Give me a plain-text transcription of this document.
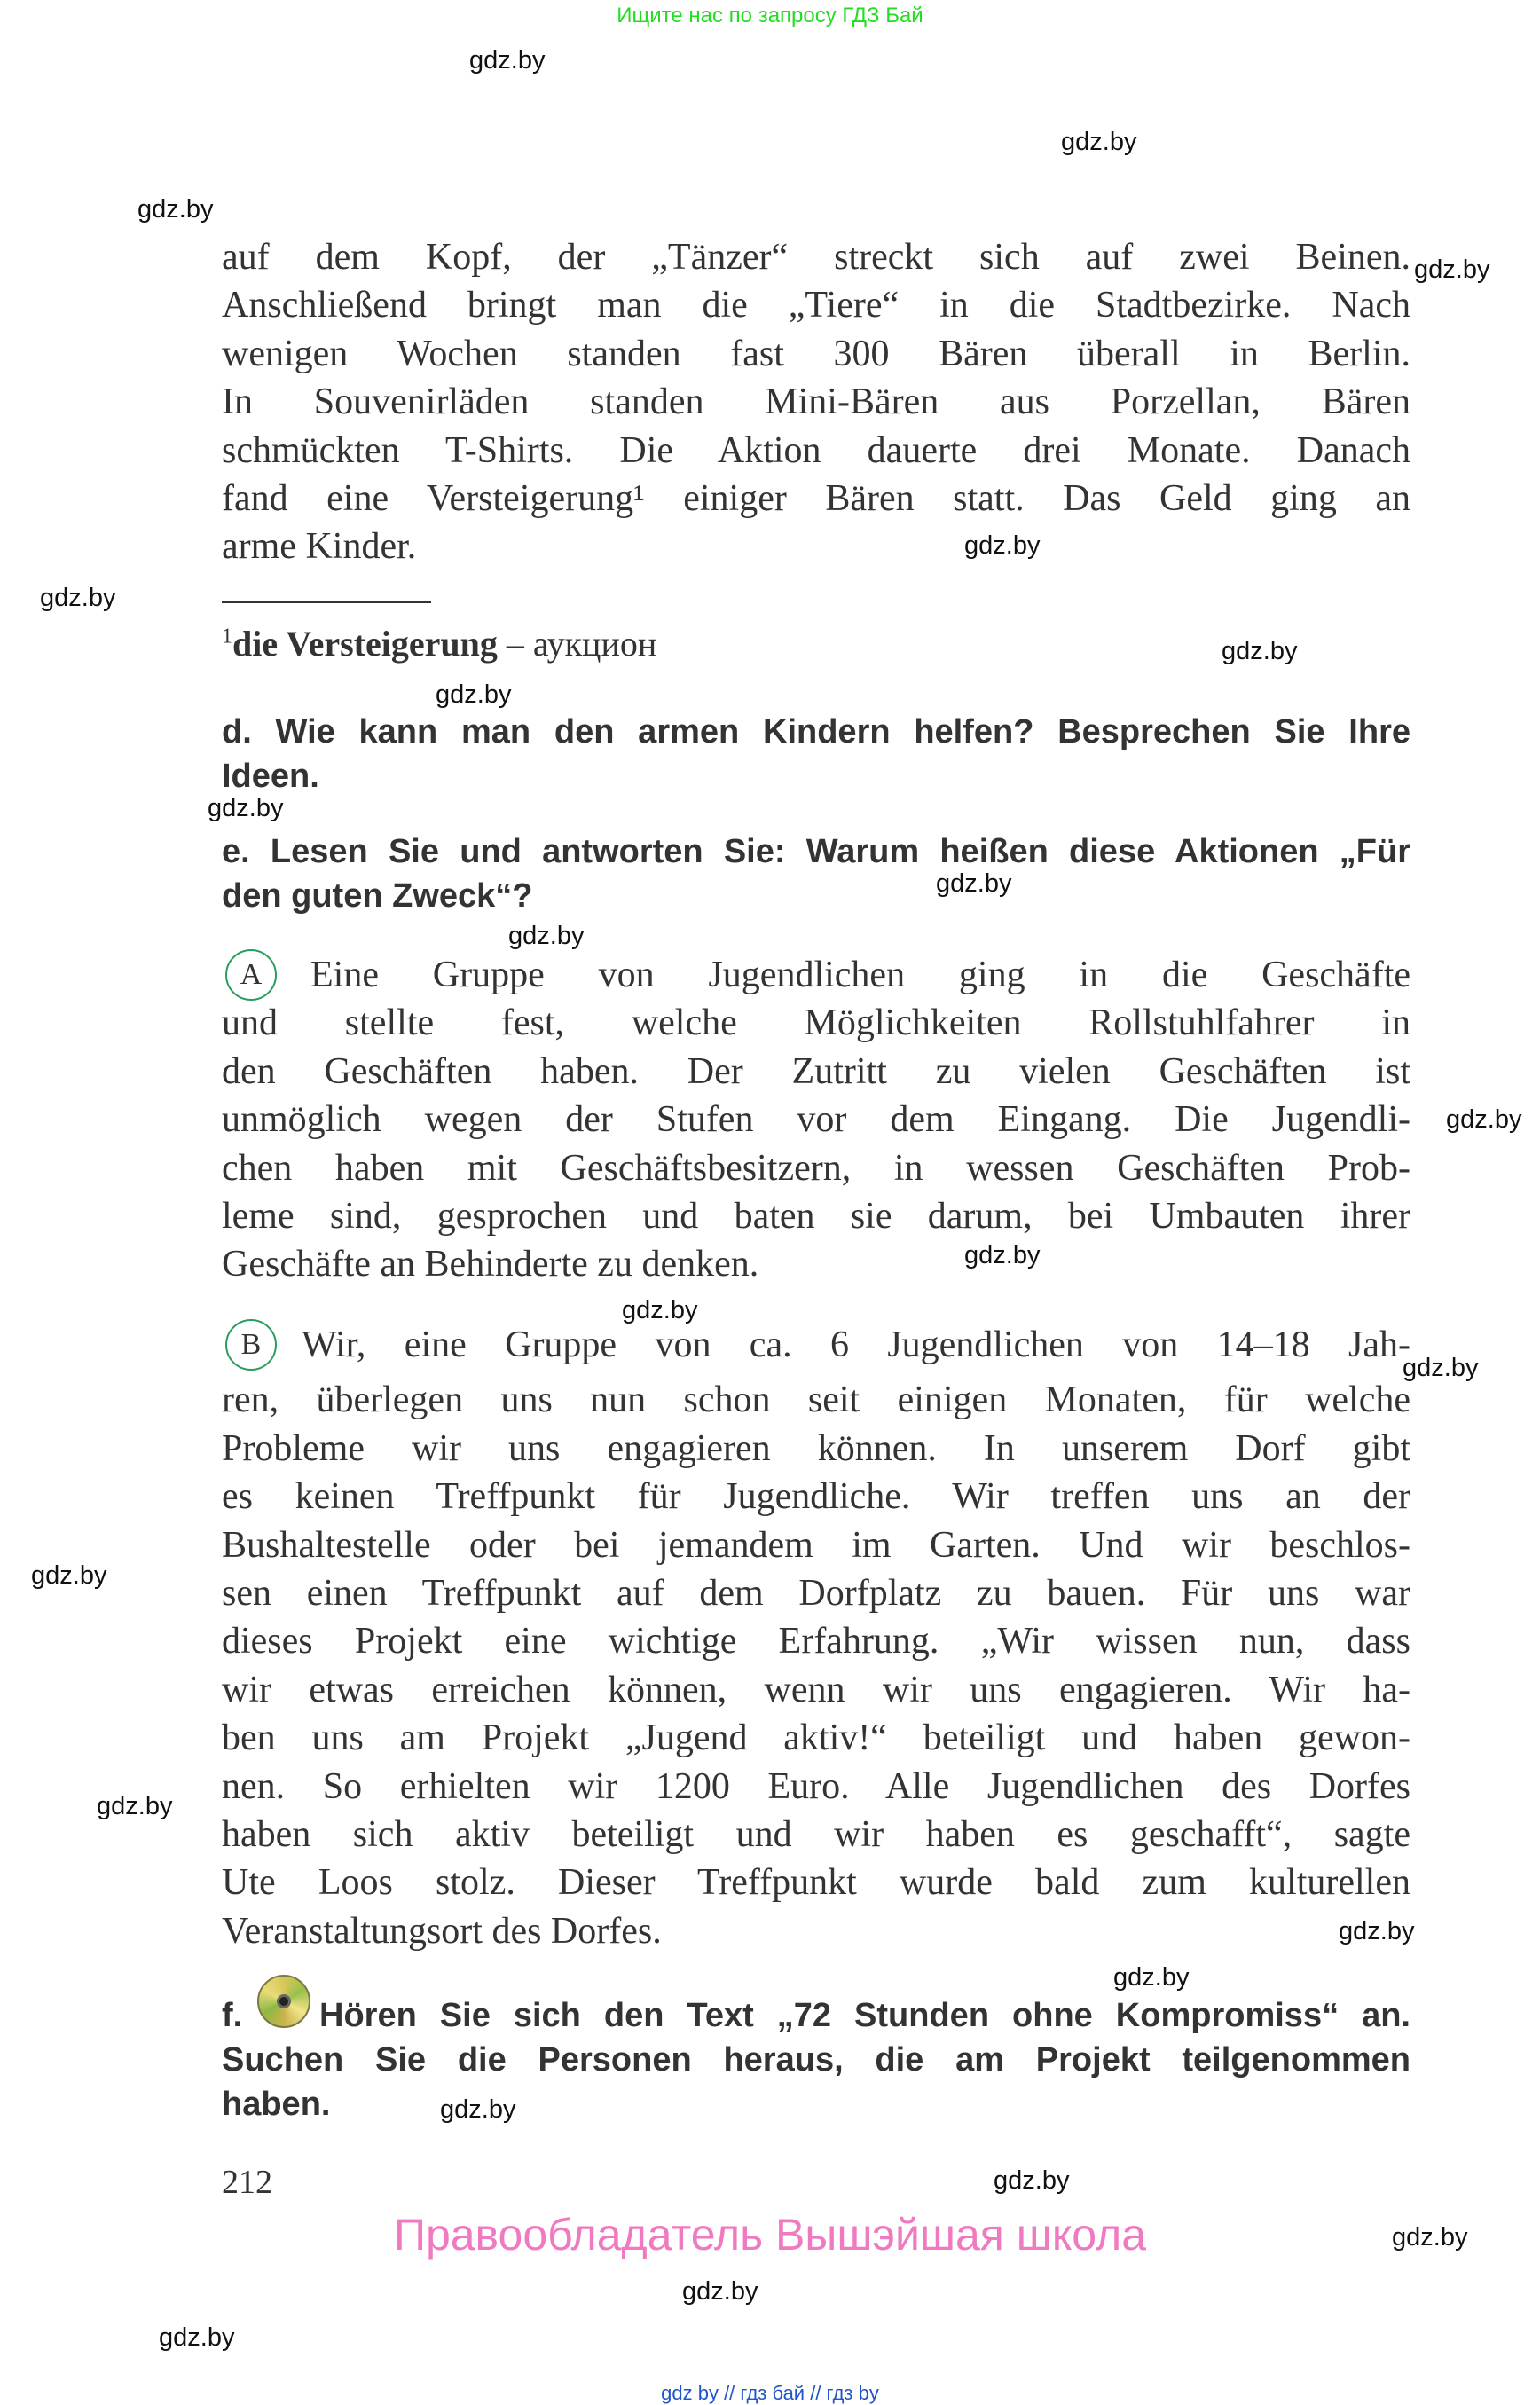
Ищите нас по запросу ГДЗ Бай
auf dem Kopf, der „Tänzer“ streckt sich auf zwei Beinen.
Anschließend bringt man die „Tiere“ in die Stadtbezirke. Nach
wenigen Wochen standen fast 300 Bären überall in Berlin.
In Souvenirläden standen Mini-Bären aus Porzellan, Bären
schmückten T-Shirts. Die Aktion dauerte drei Monate. Danach
fand eine Versteigerung¹ einiger Bären statt. Das Geld ging an
arme Kinder.
$^1$die Versteigerung – аукцион
d. Wie kann man den armen Kindern helfen? Besprechen Sie Ihre
Ideen.
e. Lesen Sie und antworten Sie: Warum heißen diese Aktionen „Für
den guten Zweck“?
A	Eine Gruppe von Jugendlichen ging in die Geschäfte
und stellte fest, welche Möglichkeiten Rollstuhlfahrer in
den Geschäften haben. Der Zutritt zu vielen Geschäften ist
unmöglich wegen der Stufen vor dem Eingang. Die Jugendli-
chen haben mit Geschäftsbesitzern, in wessen Geschäften Prob-
leme sind, gesprochen und baten sie darum, bei Umbauten ihrer
Geschäfte an Behinderte zu denken.
B	Wir, eine Gruppe von ca. 6 Jugendlichen von 14–18 Jah-
ren, überlegen uns nun schon seit einigen Monaten, für welche
Probleme wir uns engagieren können. In unserem Dorf gibt
es keinen Treffpunkt für Jugendliche. Wir treffen uns an der
Bushaltestelle oder bei jemandem im Garten. Und wir beschlos-
sen einen Treffpunkt auf dem Dorfplatz zu bauen. Für uns war
dieses Projekt eine wichtige Erfahrung. „Wir wissen nun, dass
wir etwas erreichen können, wenn wir uns engagieren. Wir ha-
ben uns am Projekt „Jugend aktiv!“ beteiligt und haben gewon-
nen. So erhielten wir 1200 Euro. Alle Jugendlichen des Dorfes
haben sich aktiv beteiligt und wir haben es geschafft“, sagte
Ute Loos stolz. Dieser Treffpunkt wurde bald zum kulturellen
Veranstaltungsort des Dorfes.
Hören Sie sich den Text „72 Stunden ohne Kompromiss“ an.
Suchen Sie die Personen heraus, die am Projekt teilgenommen
haben.
f.
212
Правообладатель Вышэйшая школа
gdz by // гдз бай // гдз by
gdz.by
gdz.by
gdz.by
gdz.by
gdz.by
gdz.by
gdz.by
gdz.by
gdz.by
gdz.by
gdz.by
gdz.by
gdz.by
gdz.by
gdz.by
gdz.by
gdz.by
gdz.by
gdz.by
gdz.by
gdz.by
gdz.by
gdz.by
gdz.by
